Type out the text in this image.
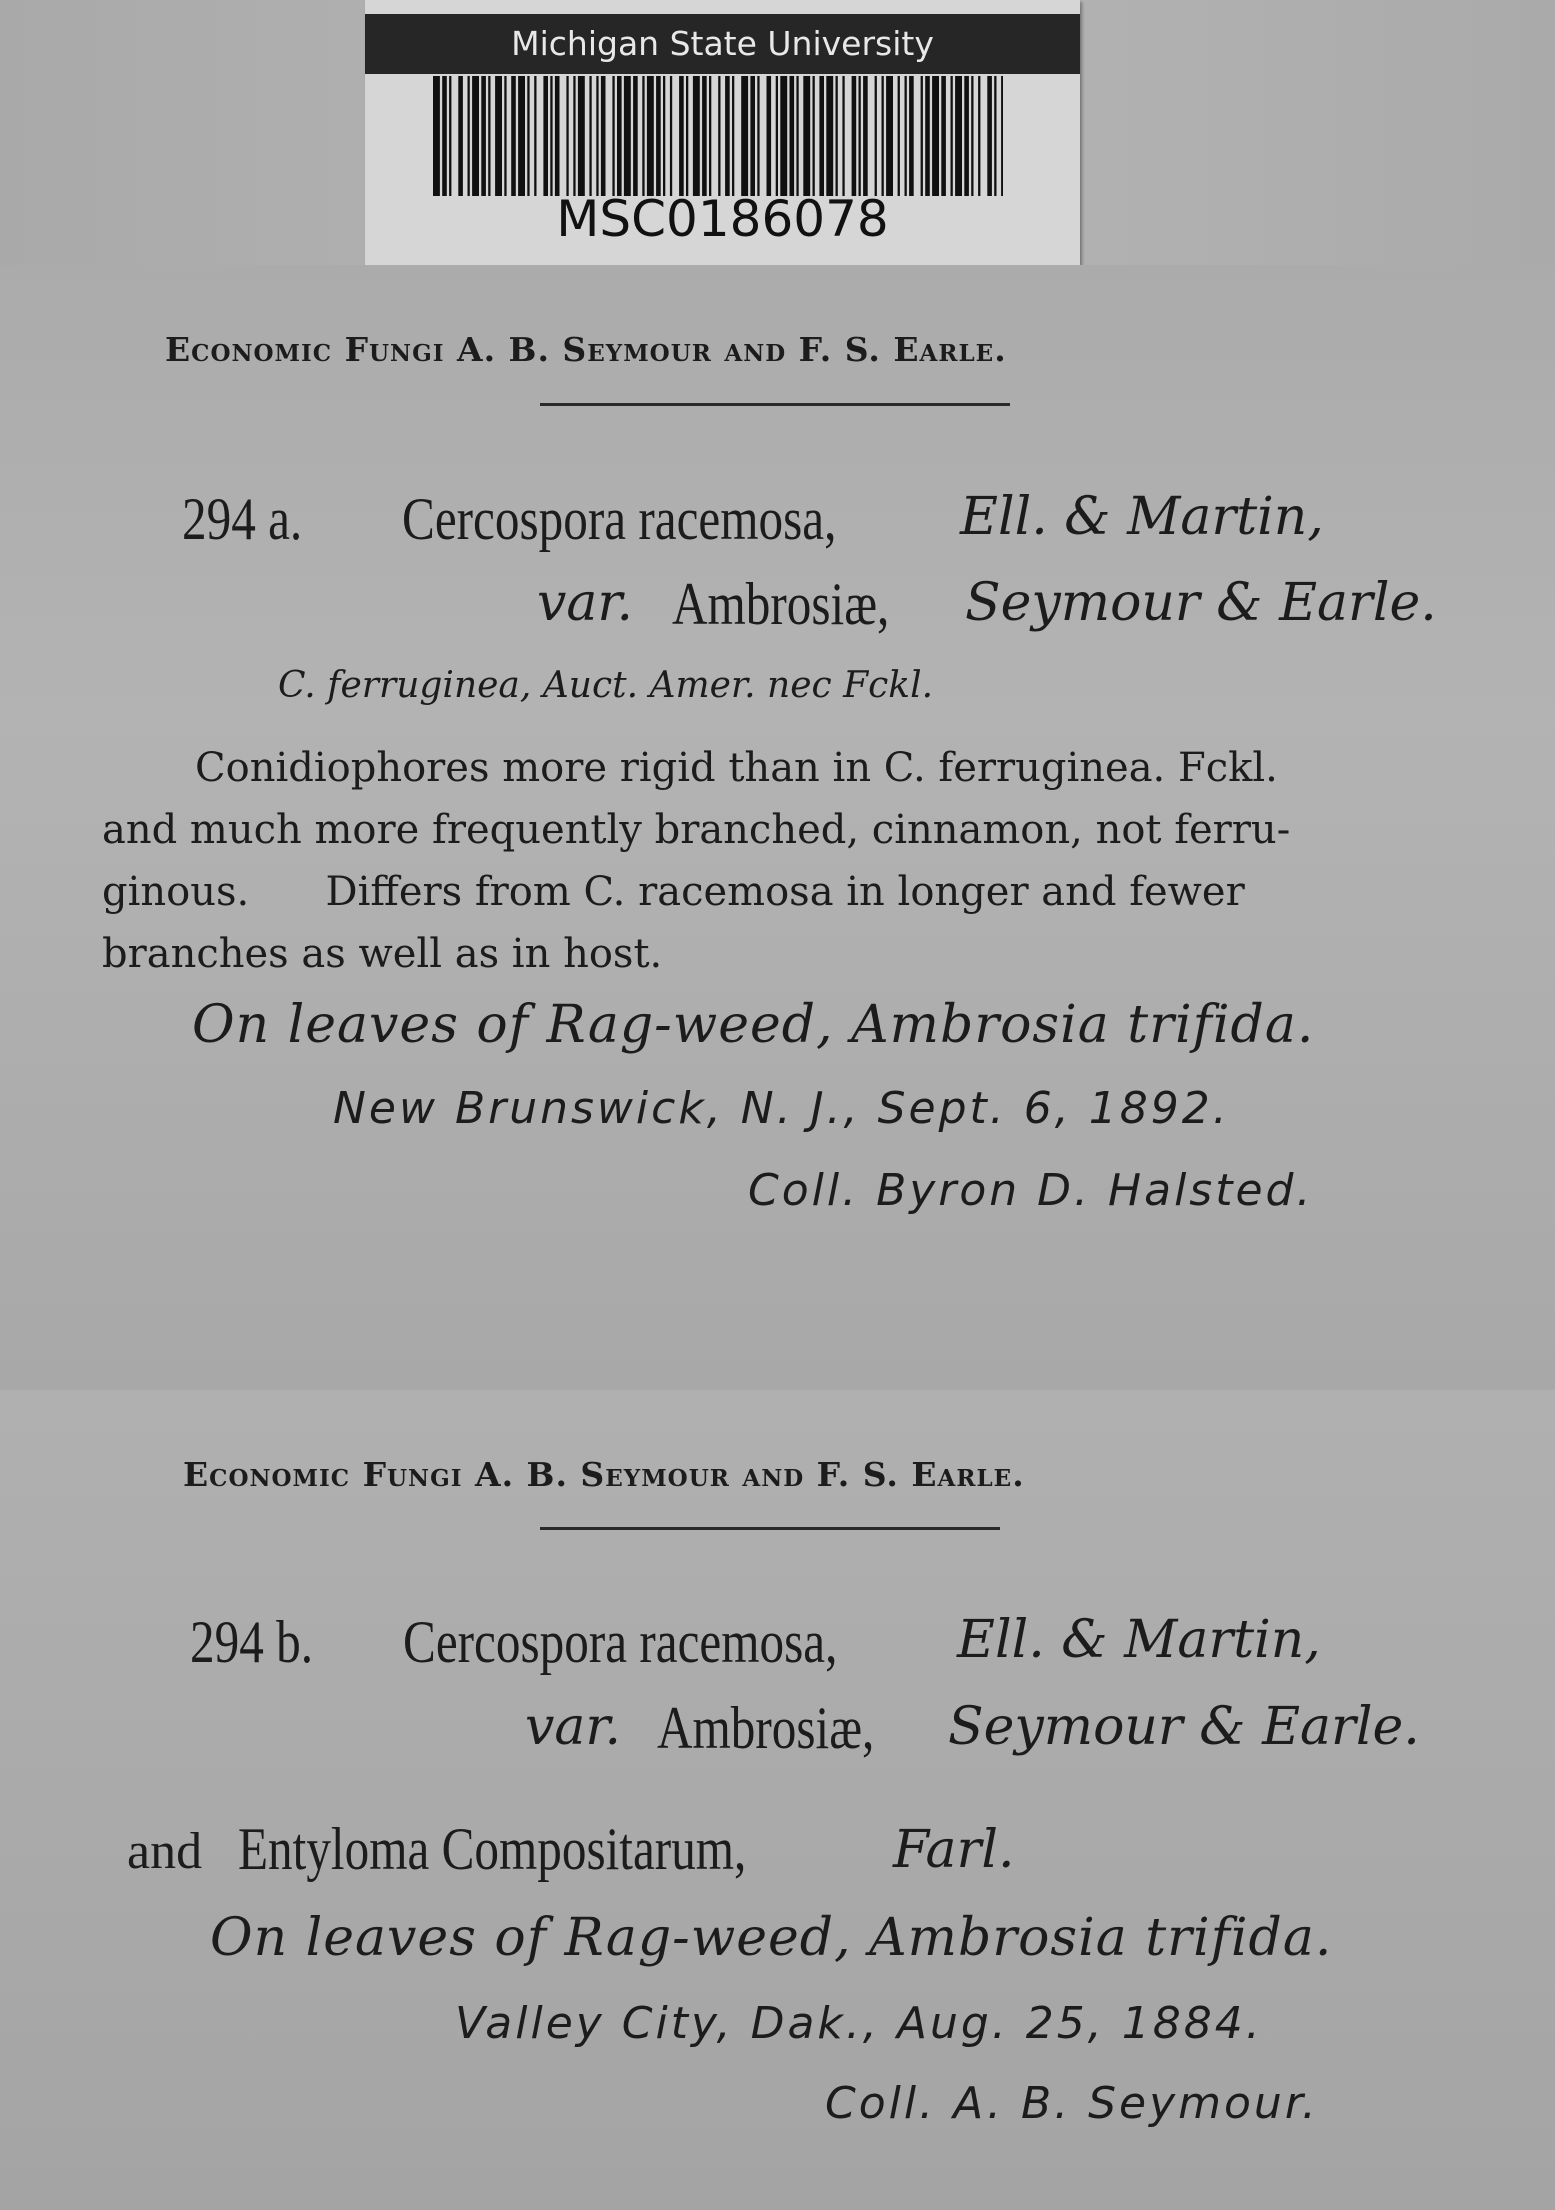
Michigan State University
MSC0186078
Economic Fungi A. B. Seymour and F. S. Earle.
294 a. Cercospora racemosa, Ell. & Martin,
var. Ambrosiæ, Seymour & Earle.
C. ferruginea, Auct. Amer. nec Fckl.
Conidiophores more rigid than in C. ferruginea. Fckl.
and much more frequently branched, cinnamon, not ferru-
ginous.      Differs from C. racemosa in longer and fewer
branches as well as in host.
On leaves of Rag-weed, Ambrosia trifida.
New Brunswick, N. J., Sept. 6, 1892.
Coll. Byron D. Halsted.
Economic Fungi A. B. Seymour and F. S. Earle.
294 b. Cercospora racemosa, Ell. & Martin,
var. Ambrosiæ, Seymour & Earle.
and Entyloma Compositarum,	Farl.
On leaves of Rag-weed, Ambrosia trifida.
Valley City, Dak., Aug. 25, 1884.
Coll. A. B. Seymour.
